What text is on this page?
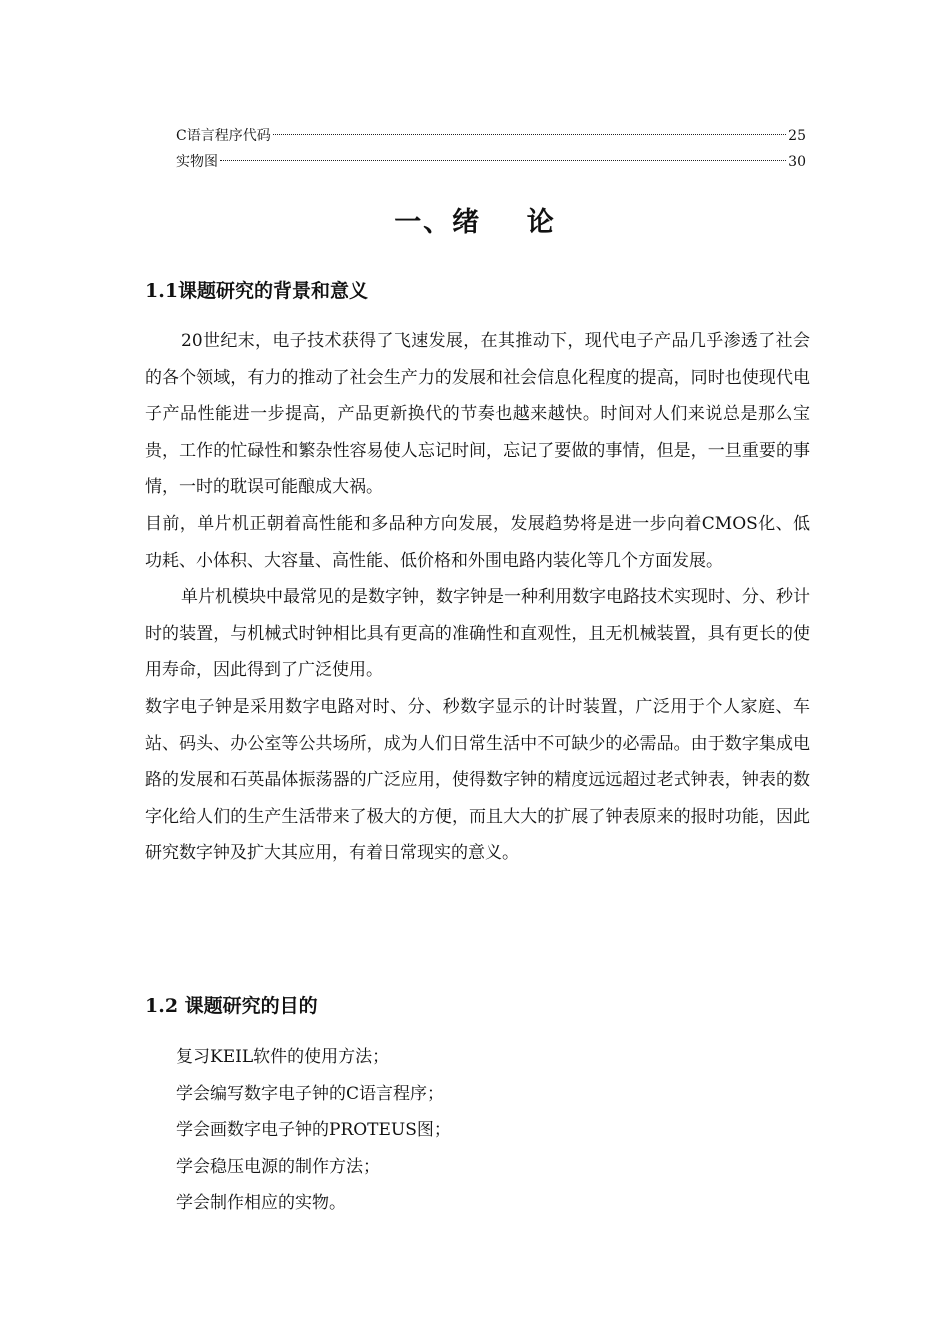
C语言程序代码	25
实物图	30
一、绪    论
1.1课题研究的背景和意义

20世纪末，电子技术获得了飞速发展，在其推动下，现代电子产品几乎渗透了社会的各个领域，有力的推动了社会生产力的发展和社会信息化程度的提高，同时也使现代电子产品性能进一步提高，产品更新换代的节奏也越来越快。时间对人们来说总是那么宝贵，工作的忙碌性和繁杂性容易使人忘记时间，忘记了要做的事情，但是，一旦重要的事情，一时的耽误可能酿成大祸。

目前，单片机正朝着高性能和多品种方向发展，发展趋势将是进一步向着CMOS化、低功耗、小体积、大容量、高性能、低价格和外围电路内装化等几个方面发展。

单片机模块中最常见的是数字钟，数字钟是一种利用数字电路技术实现时、分、秒计时的装置，与机械式时钟相比具有更高的准确性和直观性，且无机械装置，具有更长的使用寿命，因此得到了广泛使用。

数字电子钟是采用数字电路对时、分、秒数字显示的计时装置，广泛用于个人家庭、车站、码头、办公室等公共场所，成为人们日常生活中不可缺少的必需品。由于数字集成电路的发展和石英晶体振荡器的广泛应用，使得数字钟的精度远远超过老式钟表，钟表的数字化给人们的生产生活带来了极大的方便，而且大大的扩展了钟表原来的报时功能，因此研究数字钟及扩大其应用，有着日常现实的意义。

1.2 课题研究的目的
复习KEIL软件的使用方法；
学会编写数字电子钟的C语言程序；
学会画数字电子钟的PROTEUS图；
学会稳压电源的制作方法；
学会制作相应的实物。
